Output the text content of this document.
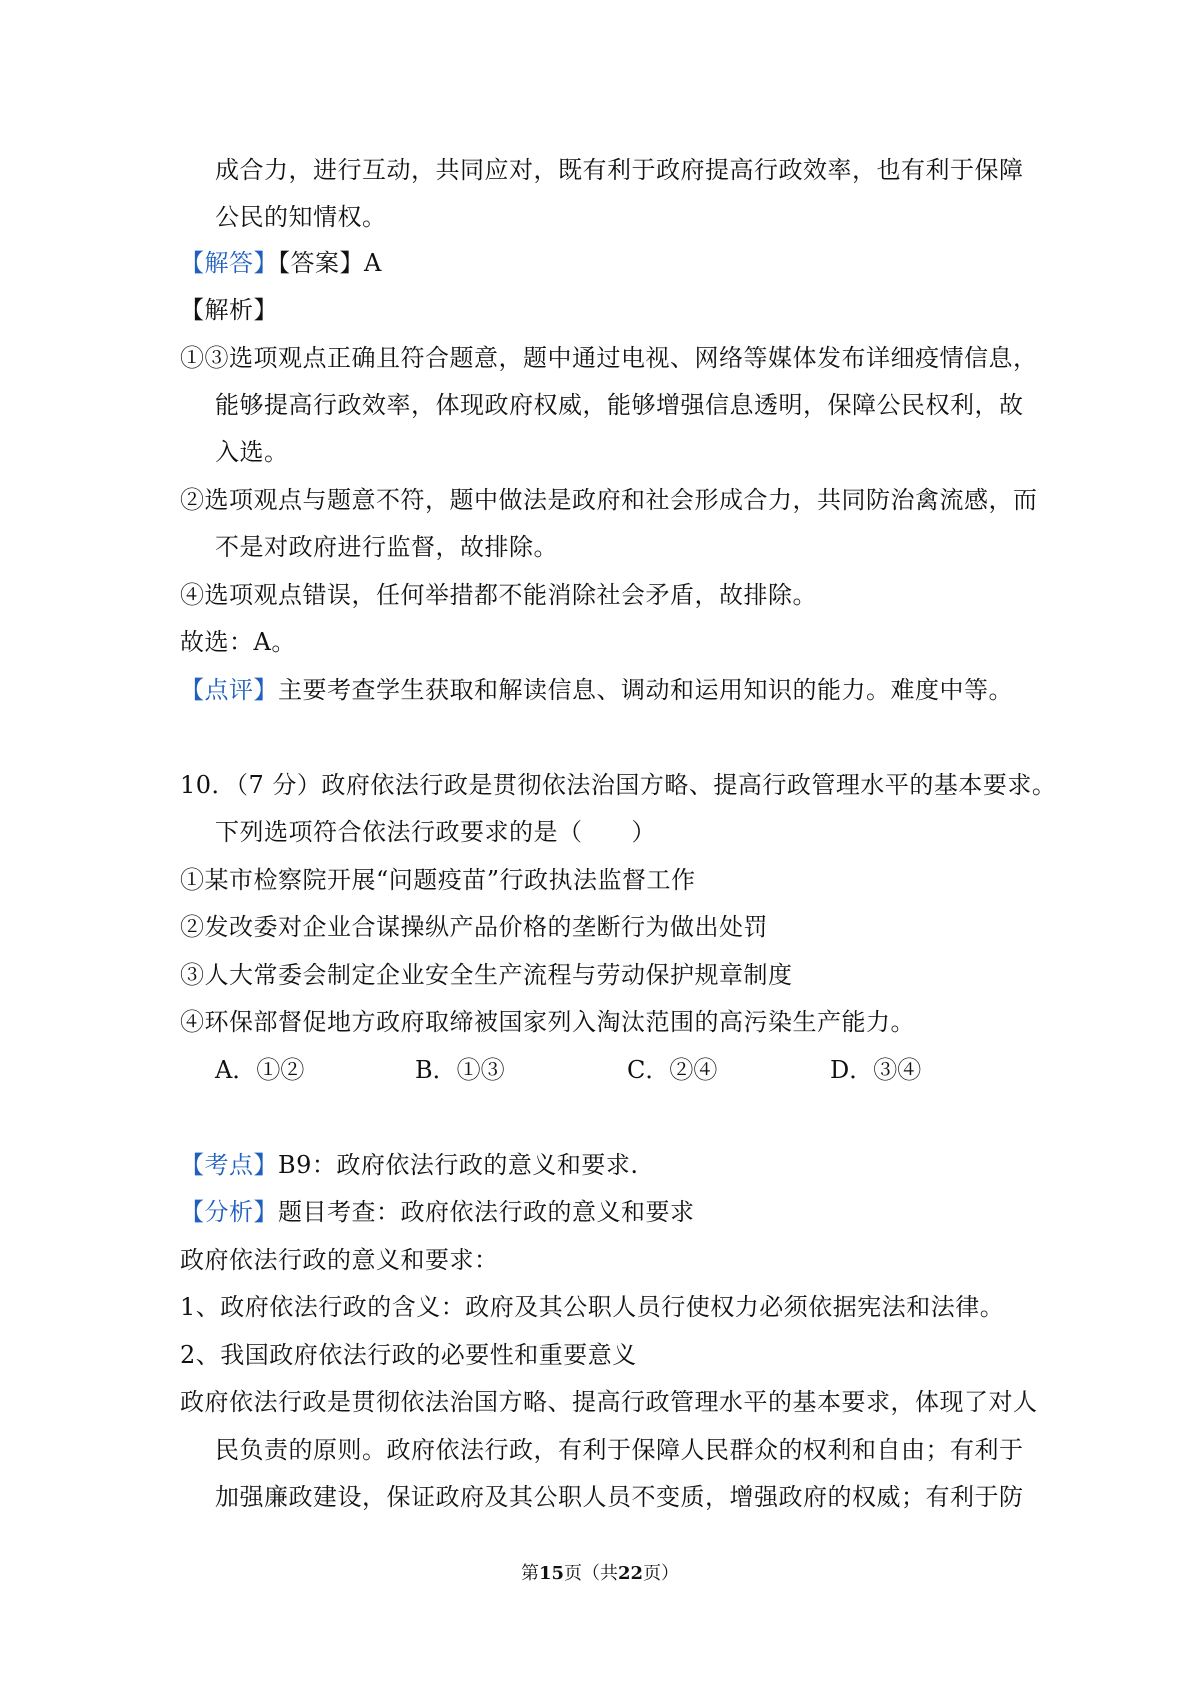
成合力，进行互动，共同应对，既有利于政府提高行政效率，也有利于保障
公民的知情权。
【解答】【答案】A
【解析】
①③选项观点正确且符合题意，题中通过电视、网络等媒体发布详细疫情信息，
能够提高行政效率，体现政府权威，能够增强信息透明，保障公民权利，故
入选。
②选项观点与题意不符，题中做法是政府和社会形成合力，共同防治禽流感，而
不是对政府进行监督，故排除。
④选项观点错误，任何举措都不能消除社会矛盾，故排除。
故选：A。
【点评】主要考查学生获取和解读信息、调动和运用知识的能力。难度中等。
10．（7 分）政府依法行政是贯彻依法治国方略、提高行政管理水平的基本要求。
下列选项符合依法行政要求的是（　　）
①某市检察院开展“问题疫苗”行政执法监督工作
②发改委对企业合谋操纵产品价格的垄断行为做出处罚
③人大常委会制定企业安全生产流程与劳动保护规章制度
④环保部督促地方政府取缔被国家列入淘汰范围的高污染生产能力。
A．①②	B．①③	C．②④	D．③④
【考点】B9：政府依法行政的意义和要求.
【分析】题目考查：政府依法行政的意义和要求
政府依法行政的意义和要求：
1、政府依法行政的含义：政府及其公职人员行使权力必须依据宪法和法律。
2、我国政府依法行政的必要性和重要意义
政府依法行政是贯彻依法治国方略、提高行政管理水平的基本要求，体现了对人
民负责的原则。政府依法行政，有利于保障人民群众的权利和自由；有利于
加强廉政建设，保证政府及其公职人员不变质，增强政府的权威；有利于防
第15页（共22页）
